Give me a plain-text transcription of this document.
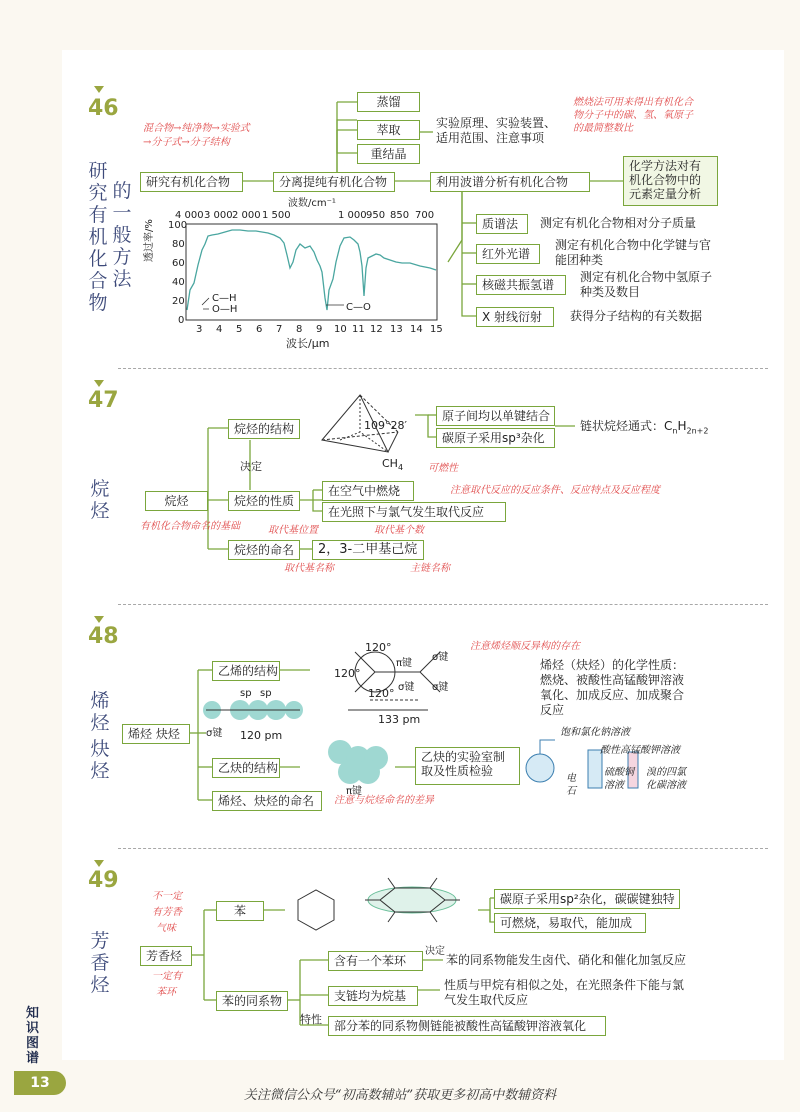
46
研究有机化合物
的一般方法
混合物→纯净物→实验式
→分子式→分子结构
研究有机化合物	分离提纯有机化合物
蒸馏
萃取
重结晶
实验原理、实验装置、
适用范围、注意事项
利用波谱分析有机化合物
燃烧法可用来得出有机化合
物分子中的碳、氢、氧原子
的最简整数比
化学方法对有
机化合物中的
元素定量分析
波数/cm⁻¹
4 000 3 000 2 000 1 500	1 000 950 850 700
透过率/% 100
80
60
40
20
0
3 4 5 6 7 8 9 10 11 12 13 14 15
波长/μm
C—H
O—H	C—O
质谱法	测定有机化合物相对分子质量
红外光谱
测定有机化合物中化学键与官
能团种类
核磁共振氢谱
测定有机化合物中氢原子
种类及数目
X 射线衍射	获得分子结构的有关数据
47
烷烃	烷烃
烷烃的结构
决定
烷烃的性质
烷烃的命名
109°28′
$CH_4$
原子间均以单键结合
碳原子采用sp³杂化
链状烷烃通式：$C_nH_{2n+2}$
可燃性
在空气中燃烧	注意取代反应的反应条件、反应特点及反应程度
在光照下与氯气发生取代反应
有机化合物命名的基础	取代基位置	取代基个数
2，3-二甲基己烷
取代基名称	主链名称
48
烯烃
炔烃
烯烃 炔烃
乙烯的结构
乙炔的结构
烯烃、炔烃的命名	注意与烷烃命名的差异
注意烯烃顺反异构的存在
120°
120°
120°
π键
σ键
σ键
σ键
133 pm
sp sp
σ键 120 pm
π键
烯烃（炔烃）的化学性质：
燃烧、被酸性高锰酸钾溶液
氧化、加成反应、加成聚合
反应
乙炔的实验室制
取及性质检验
饱和氯化钠溶液
酸性高锰酸钾溶液
硫酸铜
溶液
溴的四氯
化碳溶液
电
石
49
芳香烃
不一定
有芳香
气味
芳香烃
一定有
苯环
苯
苯的同系物
碳原子采用sp²杂化，碳碳键独特
可燃烧，易取代，能加成
含有一个苯环
决定
苯的同系物能发生卤代、硝化和催化加氢反应
支链均为烷基
性质与甲烷有相似之处，在光照条件下能与氯
气发生取代反应
特性	部分苯的同系物侧链能被酸性高锰酸钾溶液氧化
知识图谱
13
关注微信公众号“初高数辅站”获取更多初高中数辅资料
